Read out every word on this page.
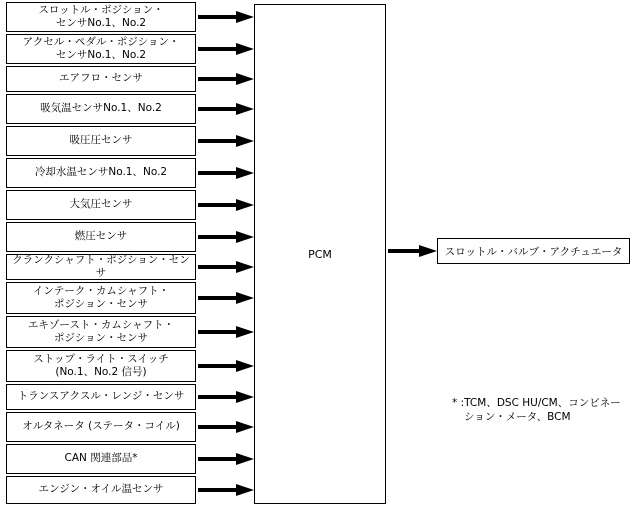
スロットル・ボジション・
センサNo.1、No.2
アクセル・ペダル・ポジション・
センサNo.1、No.2
エアフロ・センサ
吸気温センサNo.1、No.2
吸圧圧センサ
冷却水温センサNo.1、No.2
大気圧センサ
燃圧センサ
クランクシャフト・ポジション・センサ
インテーク・カムシャフト・
ポジション・センサ
エキゾースト・カムシャフト・
ポジション・センサ
ストップ・ライト・スイッチ
(No.1、No.2 信号)
トランスアクスル・レンジ・センサ
オルタネータ (ステータ・コイル)
CAN 関連部品*
エンジン・オイル温センサ
PCM	スロットル・バルブ・アクチュエータ
* :TCM、DSC HU/CM、コンビネー
ション・メータ、BCM
